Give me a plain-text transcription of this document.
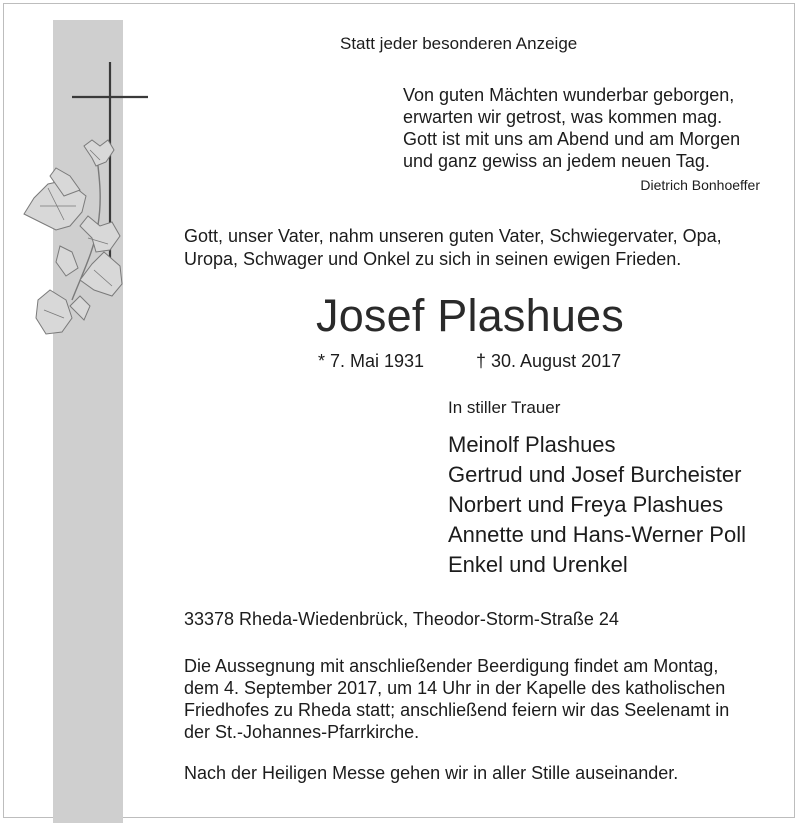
Statt jeder besonderen Anzeige

Von guten Mächten wunderbar geborgen,
erwarten wir getrost, was kommen mag.
Gott ist mit uns am Abend und am Morgen
und ganz gewiss an jedem neuen Tag.

Dietrich Bonhoeffer

Gott, unser Vater, nahm unseren guten Vater, Schwiegervater, Opa,
Uropa, Schwager und Onkel zu sich in seinen ewigen Frieden.
Josef Plashues

* 7. Mai 1931	† 30. August 2017

In stiller Trauer

Meinolf Plashues
Gertrud und Josef Burcheister
Norbert und Freya Plashues
Annette und Hans-Werner Poll
Enkel und Urenkel

33378 Rheda-Wiedenbrück, Theodor-Storm-Straße 24

Die Aussegnung mit anschließender Beerdigung findet am Montag,
dem 4. September 2017, um 14 Uhr in der Kapelle des katholischen
Friedhofes zu Rheda statt; anschließend feiern wir das Seelenamt in
der St.-Johannes-Pfarrkirche.

Nach der Heiligen Messe gehen wir in aller Stille auseinander.
